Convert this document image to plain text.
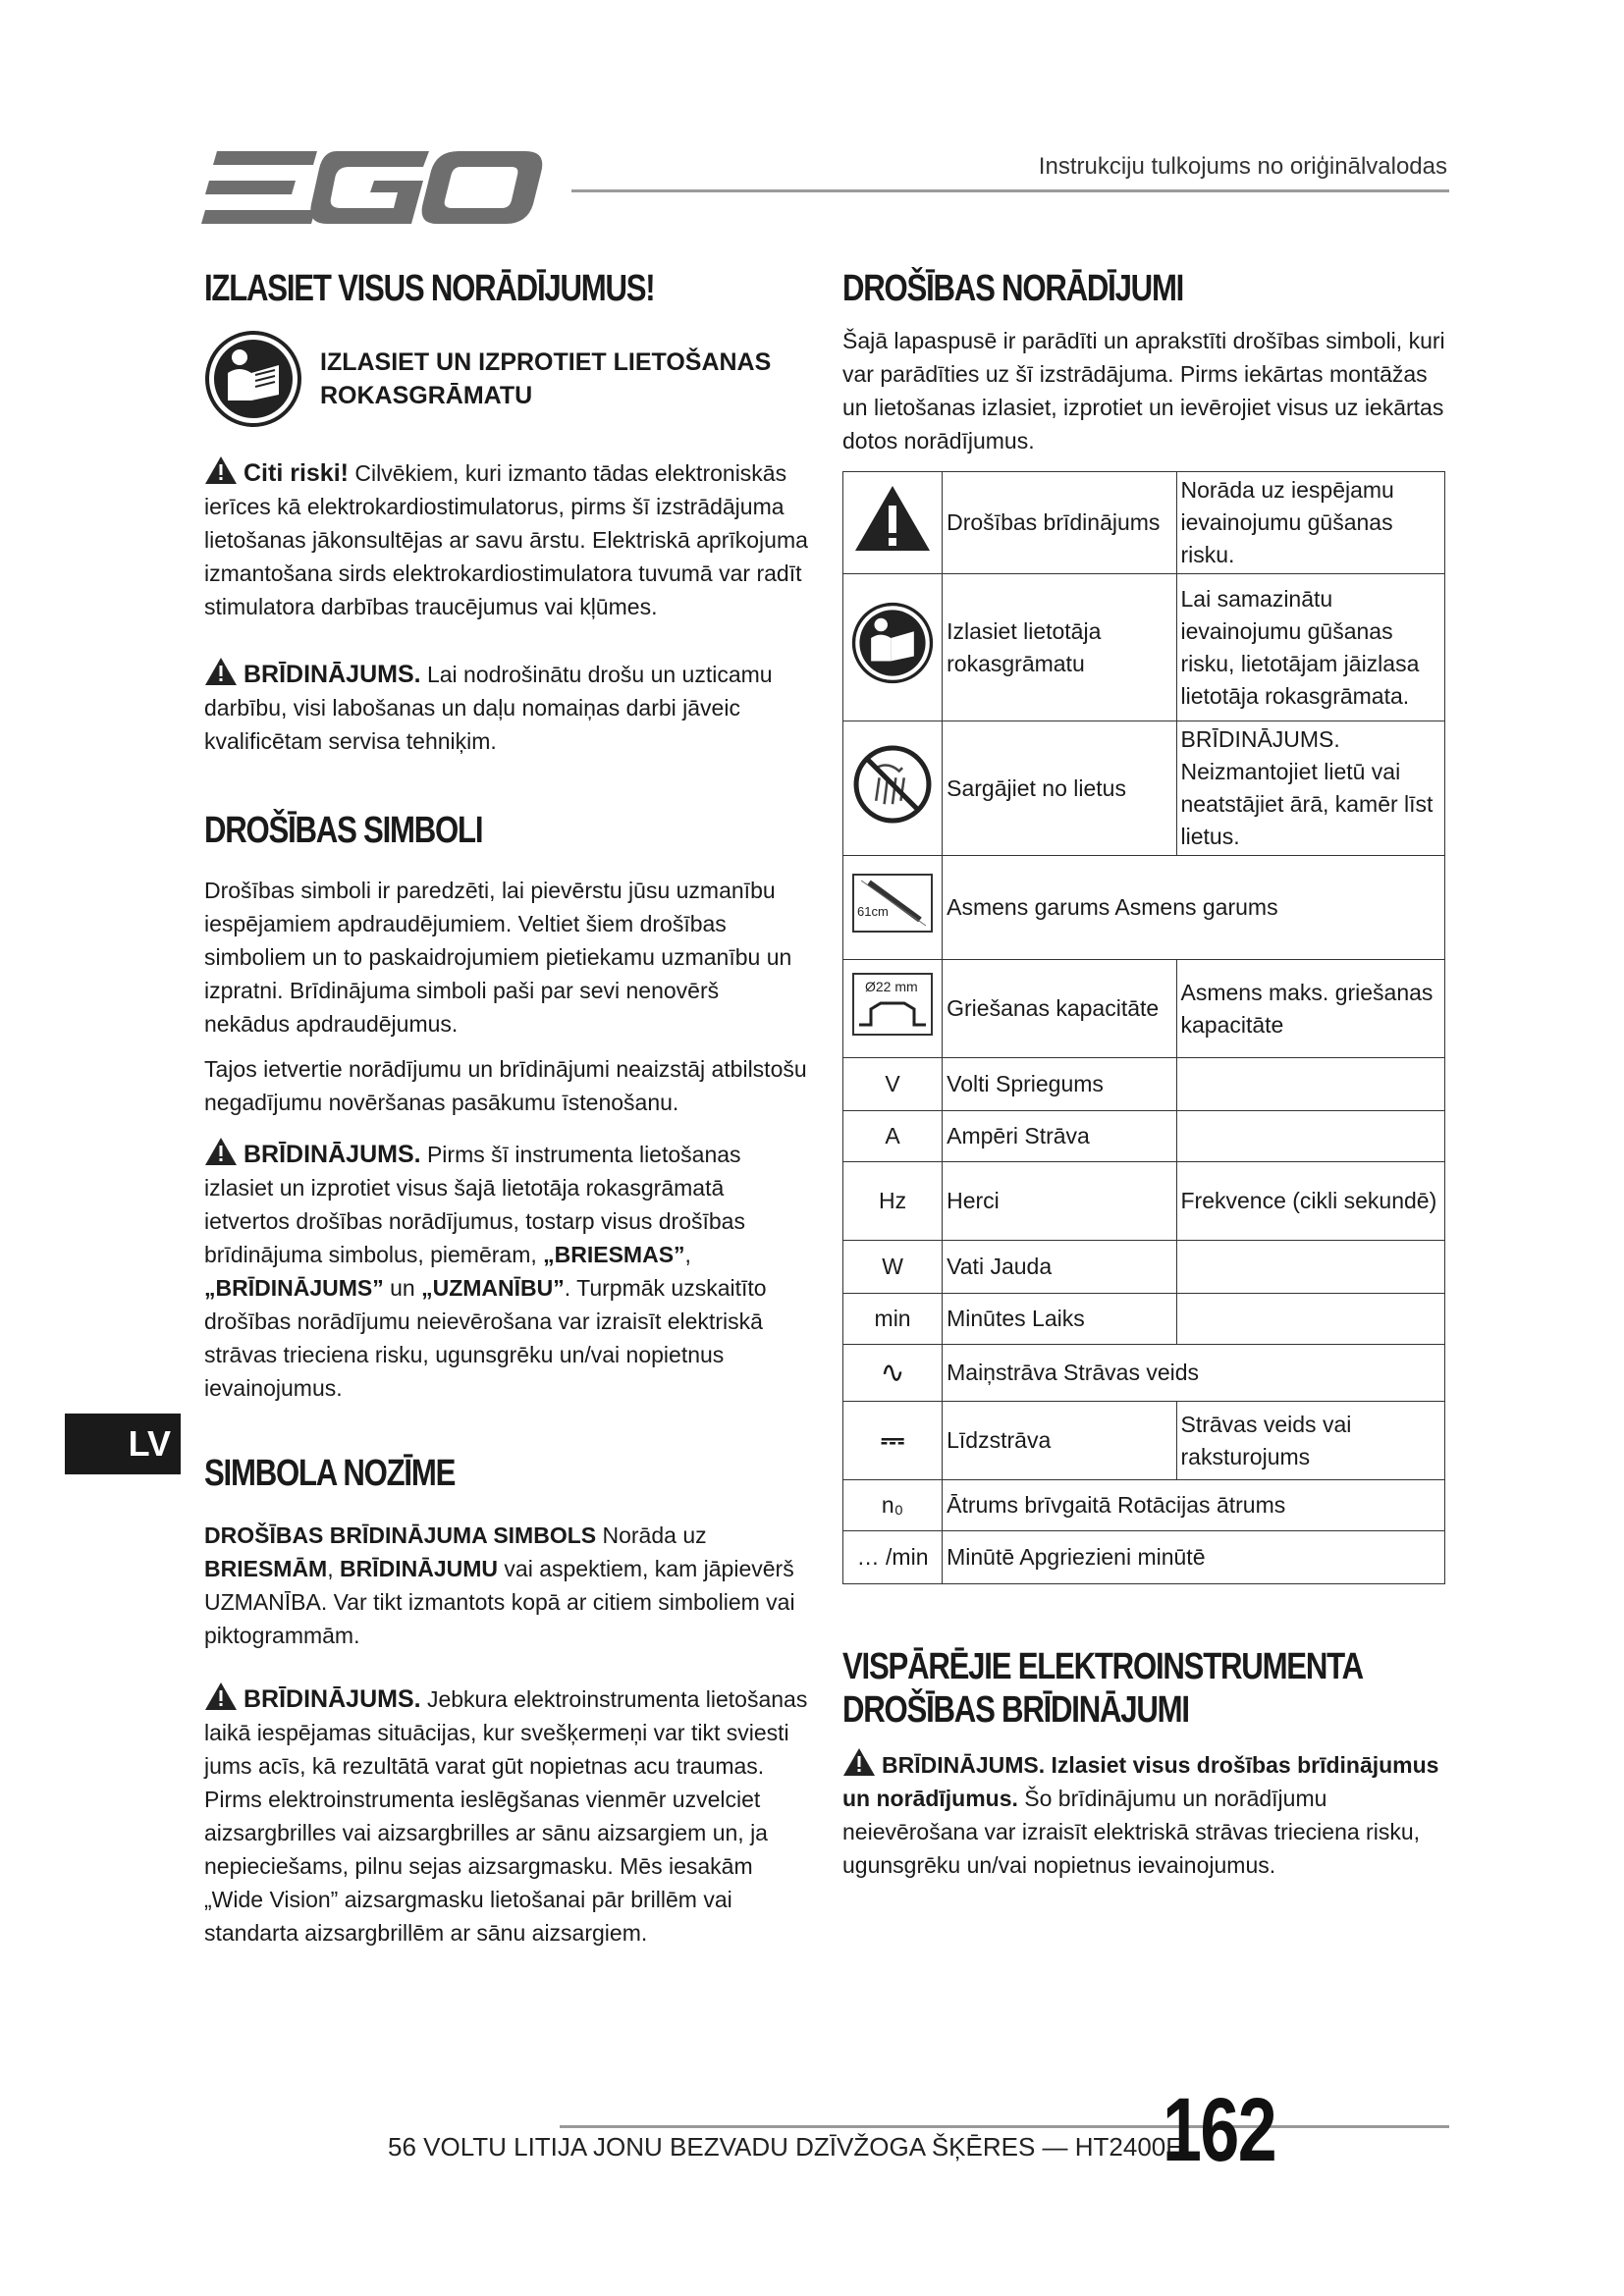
Instrukciju tulkojums no oriģinālvalodas
LV
IZLASIET VISUS NORĀDĪJUMUS!
IZLASIET UN IZPROTIET LIETOŠANAS ROKASGRĀMATU

Citi riski! Cilvēkiem, kuri izmanto tādas elektroniskās ierīces kā elektrokardiostimulatorus, pirms šī izstrādājuma lietošanas jākonsultējas ar savu ārstu. Elektriskā aprīkojuma izmantošana sirds elektrokardiostimulatora tuvumā var radīt stimulatora darbības traucējumus vai kļūmes.

BRĪDINĀJUMS. Lai nodrošinātu drošu un uzticamu darbību, visi labošanas un daļu nomaiņas darbi jāveic kvalificētam servisa tehniķim.

DROŠĪBAS SIMBOLI

Drošības simboli ir paredzēti, lai pievērstu jūsu uzmanību iespējamiem apdraudējumiem. Veltiet šiem drošības simboliem un to paskaidrojumiem pietiekamu uzmanību un izpratni. Brīdinājuma simboli paši par sevi nenovērš nekādus apdraudējumus.

Tajos ietvertie norādījumu un brīdinājumi neaizstāj atbilstošu negadījumu novēršanas pasākumu īstenošanu.

BRĪDINĀJUMS. Pirms šī instrumenta lietošanas izlasiet un izprotiet visus šajā lietotāja rokasgrāmatā ietvertos drošības norādījumus, tostarp visus drošības brīdinājuma simbolus, piemēram, „BRIESMAS”, „BRĪDINĀJUMS” un „UZMANĪBU”. Turpmāk uzskaitīto drošības norādījumu neievērošana var izraisīt elektriskā strāvas trieciena risku, ugunsgrēku un/vai nopietnus ievainojumus.

SIMBOLA NOZĪME

DROŠĪBAS BRĪDINĀJUMA SIMBOLS Norāda uz BRIESMĀM, BRĪDINĀJUMU vai aspektiem, kam jāpievērš UZMANĪBA. Var tikt izmantots kopā ar citiem simboliem vai piktogrammām.

BRĪDINĀJUMS. Jebkura elektroinstrumenta lietošanas laikā iespējamas situācijas, kur svešķermeņi var tikt sviesti jums acīs, kā rezultātā varat gūt nopietnas acu traumas. Pirms elektroinstrumenta ieslēgšanas vienmēr uzvelciet aizsargbrilles vai aizsargbrilles ar sānu aizsargiem un, ja nepieciešams, pilnu sejas aizsargmasku. Mēs iesakām „Wide Vision” aizsargmasku lietošanai pār brillēm vai standarta aizsargbrillēm ar sānu aizsargiem.

DROŠĪBAS NORĀDĪJUMI

Šajā lapaspusē ir parādīti un aprakstīti drošības simboli, kuri var parādīties uz šī izstrādājuma. Pirms iekārtas montāžas un lietošanas izlasiet, izprotiet un ievērojiet visus uz iekārtas dotos norādījumus.

	Drošības brīdinājums	Norāda uz iespējamu ievainojumu gūšanas risku.
	Izlasiet lietotāja rokasgrāmatu	Lai samazinātu ievainojumu gūšanas risku, lietotājam jāizlasa lietotāja rokasgrāmata.
	Sargājiet no lietus	BRĪDINĀJUMS. Neizmantojiet lietū vai neatstājiet ārā, kamēr līst lietus.

61cm	Asmens garums Asmens garums	

Ø22 mm	Griešanas kapacitāte	Asmens maks. griešanas kapacitāte
V	Volti Spriegums	
A	Ampēri Strāva	
Hz	Herci	Frekvence (cikli sekundē)
W	Vati Jauda	
min	Minūtes Laiks	
∿	Maiņstrāva Strāvas veids	
⎓	Līdzstrāva	Strāvas veids vai raksturojums
n₀	Ātrums brīvgaitā Rotācijas ātrums	
… /min	Minūtē Apgriezieni minūtē	
VISPĀRĒJIE ELEKTROINSTRUMENTA
DROŠĪBAS BRĪDINĀJUMI

BRĪDINĀJUMS. Izlasiet visus drošības brīdinājumus un norādījumus. Šo brīdinājumu un norādījumu neievērošana var izraisīt elektriskā strāvas trieciena risku, ugunsgrēku un/vai nopietnus ievainojumus.

56 VOLTU LITIJA JONU BEZVADU DZĪVŽOGA ŠĶĒRES — HT2400E
162
